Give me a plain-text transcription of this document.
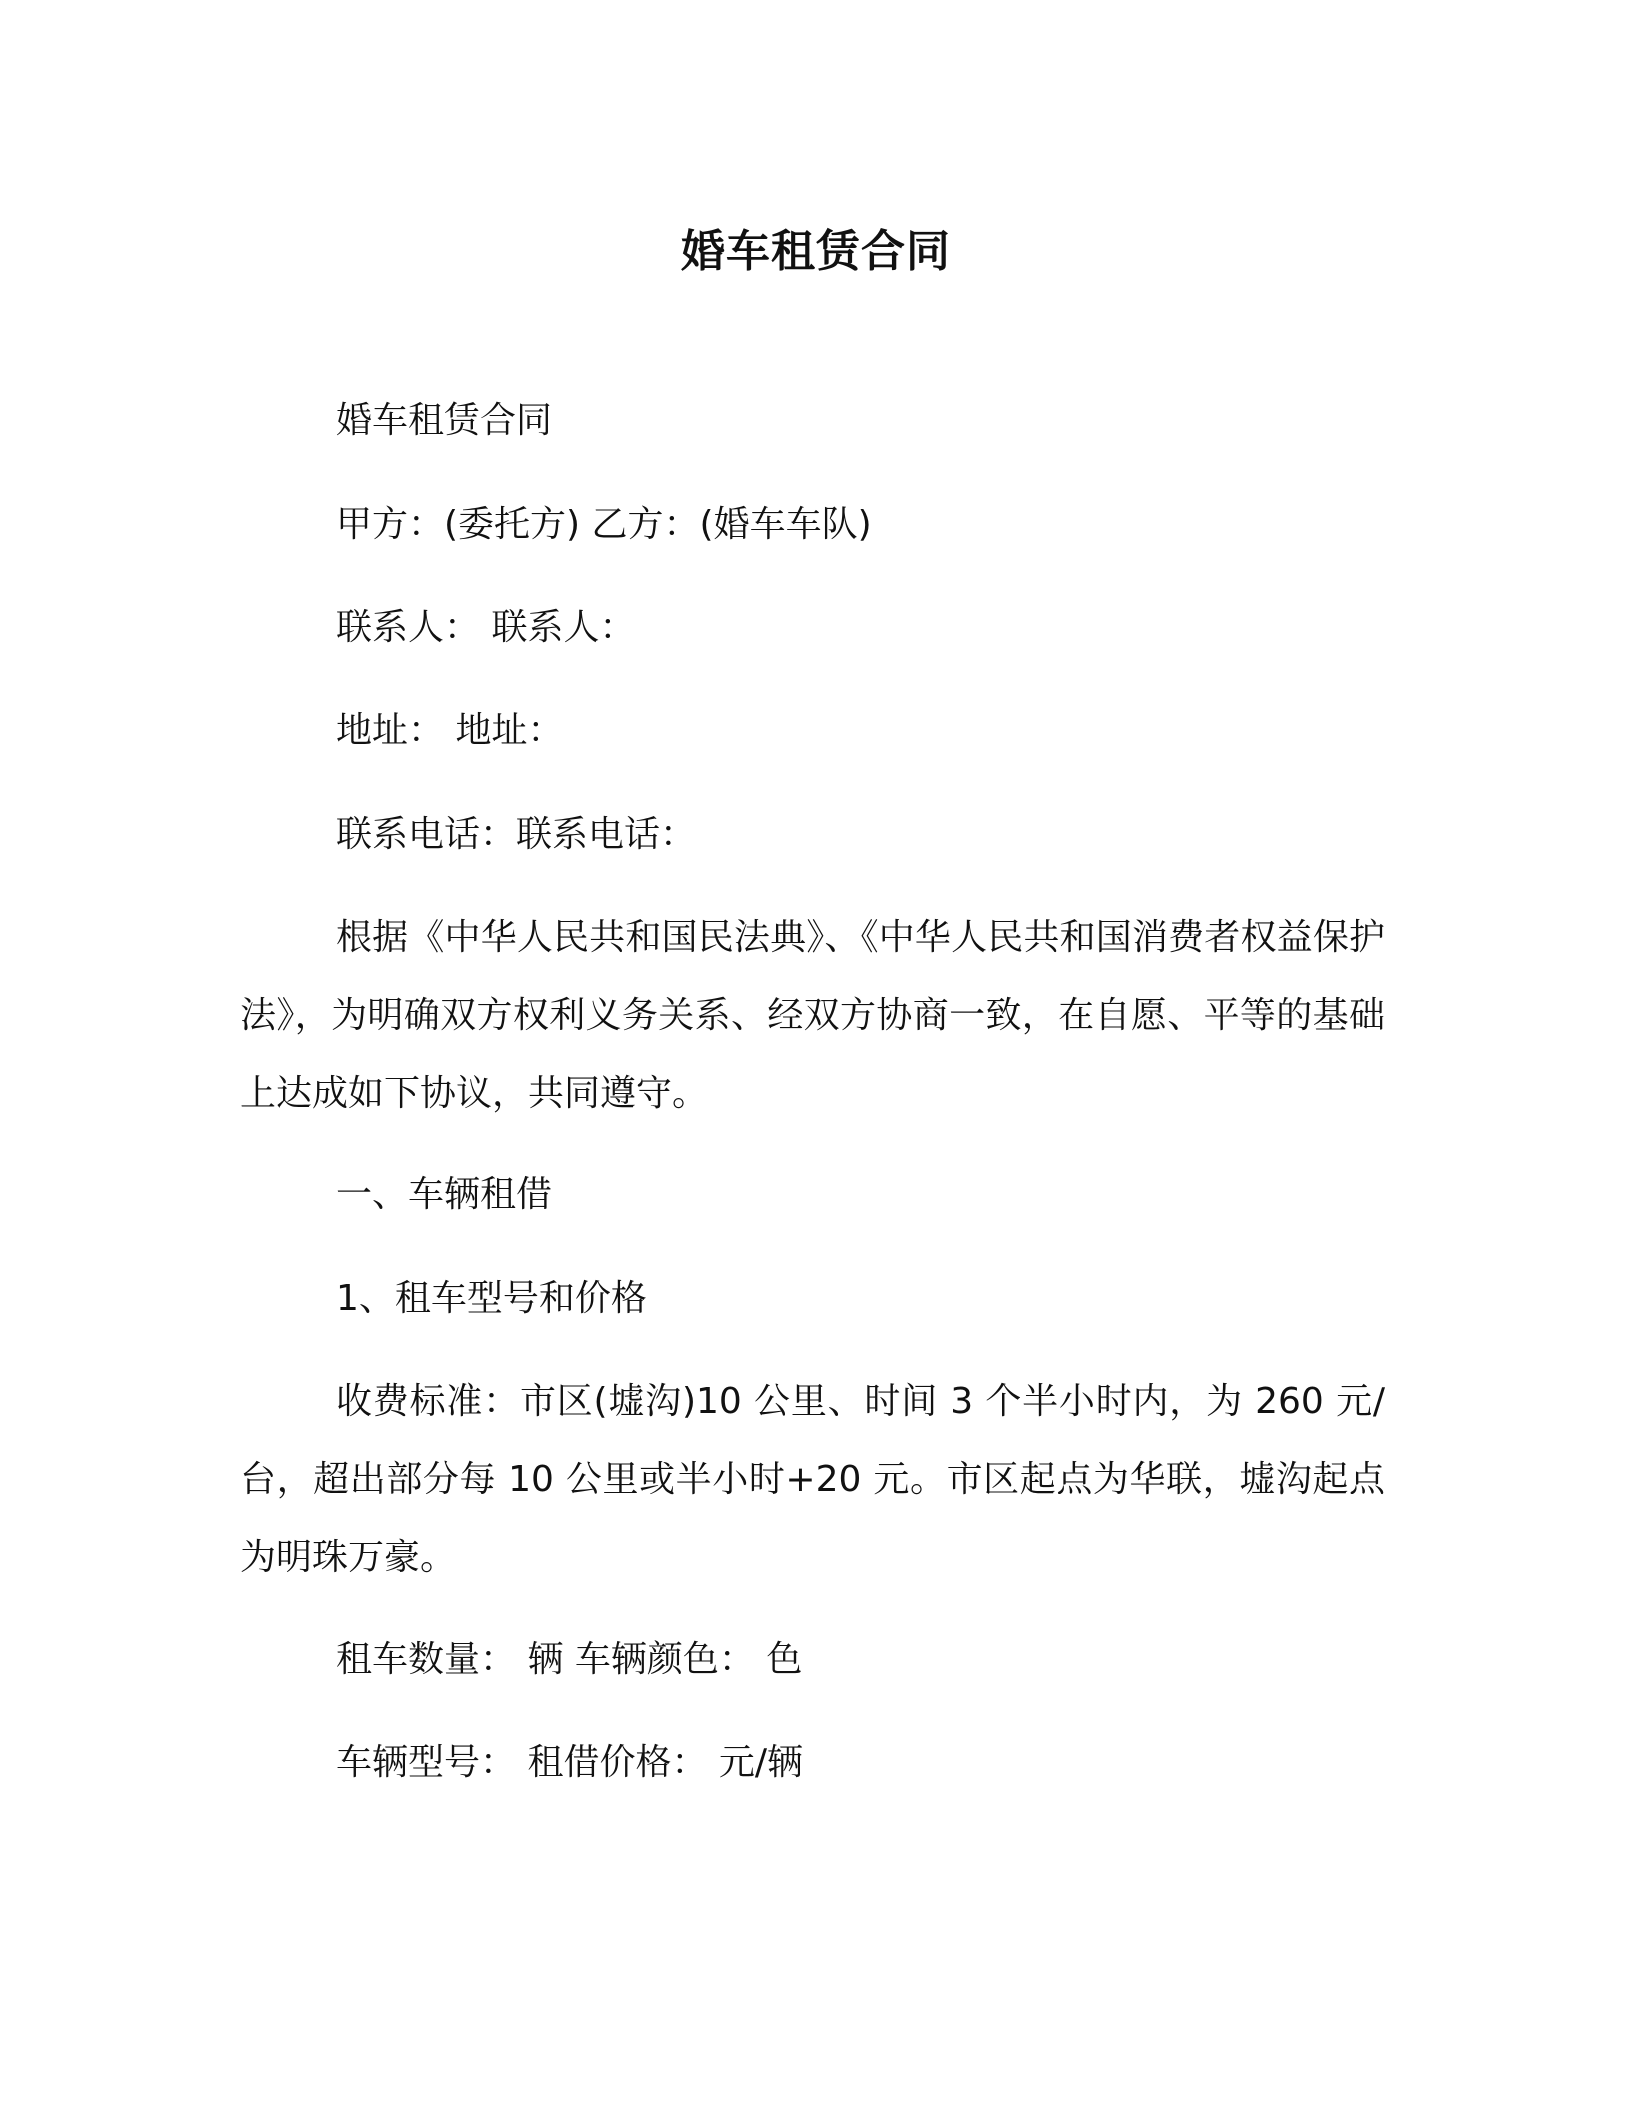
婚车租赁合同
婚车租赁合同
甲方：(委托方) 乙方：(婚车车队)
联系人： 联系人：
地址： 地址：
联系电话：联系电话：
根据《中华人民共和国民法典》、《中华人民共和国消费者权益保护法》，为明确双方权利义务关系、经双方协商一致，在自愿、平等的基础上达成如下协议，共同遵守。
一、车辆租借
1、租车型号和价格
收费标准：市区(墟沟)10 公里、时间 3 个半小时内，为 260 元/台，超出部分每 10 公里或半小时+20 元。市区起点为华联，墟沟起点为明珠万豪。
租车数量： 辆 车辆颜色： 色
车辆型号： 租借价格： 元/辆
